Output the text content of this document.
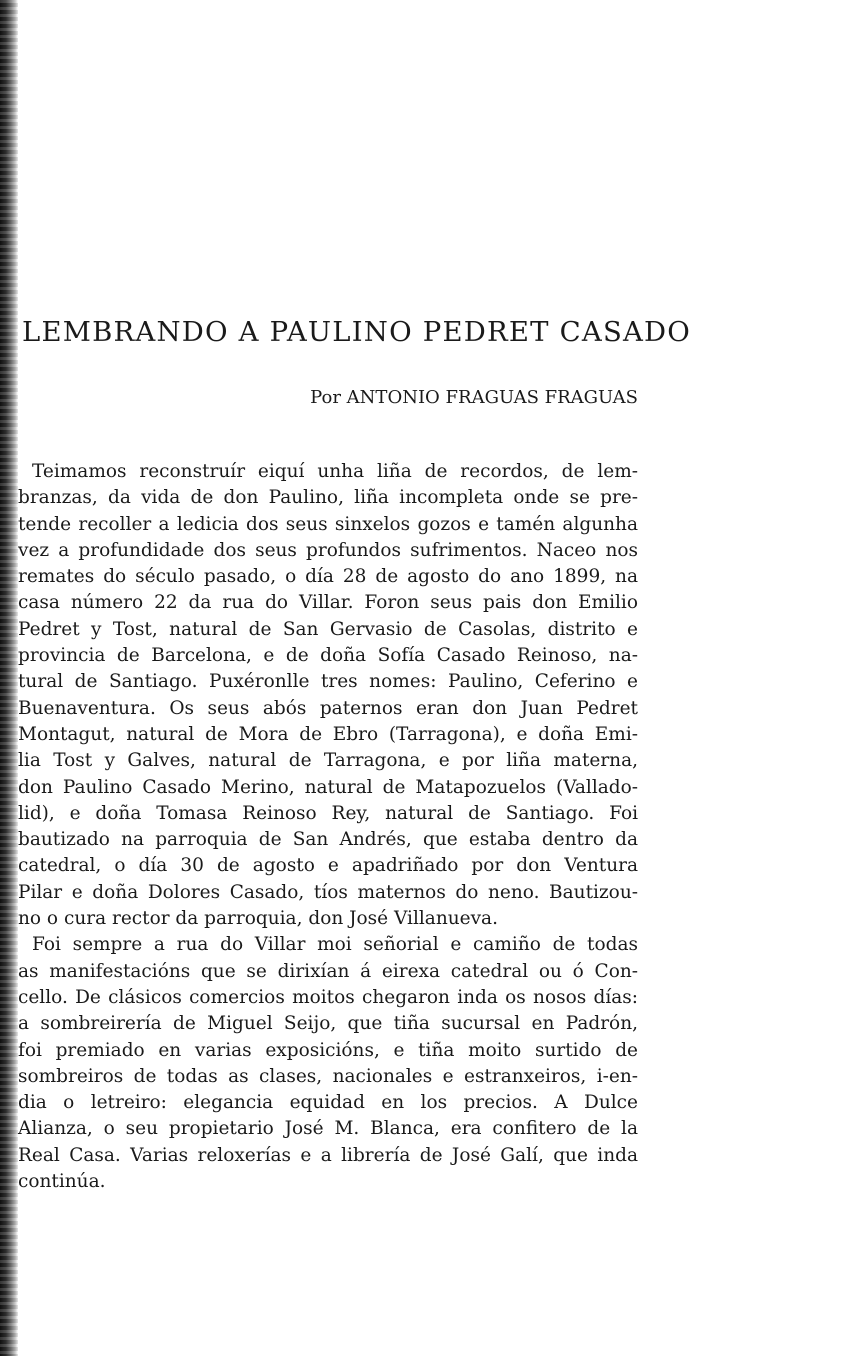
LEMBRANDO A PAULINO PEDRET CASADO

Por ANTONIO FRAGUAS FRAGUAS

Teimamos reconstruír eiquí unha liña de recordos, de lem-
branzas, da vida de don Paulino, liña incompleta onde se pre-
tende recoller a ledicia dos seus sinxelos gozos e tamén algunha
vez a profundidade dos seus profundos sufrimentos. Naceo nos
remates do século pasado, o día 28 de agosto do ano 1899, na
casa número 22 da rua do Villar. Foron seus pais don Emilio
Pedret y Tost, natural de San Gervasio de Casolas, distrito e
provincia de Barcelona, e de doña Sofía Casado Reinoso, na-
tural de Santiago. Puxéronlle tres nomes: Paulino, Ceferino e
Buenaventura. Os seus abós paternos eran don Juan Pedret
Montagut, natural de Mora de Ebro (Tarragona), e doña Emi-
lia Tost y Galves, natural de Tarragona, e por liña materna,
don Paulino Casado Merino, natural de Matapozuelos (Vallado-
lid), e doña Tomasa Reinoso Rey, natural de Santiago. Foi
bautizado na parroquia de San Andrés, que estaba dentro da
catedral, o día 30 de agosto e apadriñado por don Ventura
Pilar e doña Dolores Casado, tíos maternos do neno. Bautizou-
no o cura rector da parroquia, don José Villanueva.
Foi sempre a rua do Villar moi señorial e camiño de todas
as manifestacións que se dirixían á eirexa catedral ou ó Con-
cello. De clásicos comercios moitos chegaron inda os nosos días:
a sombreirería de Miguel Seijo, que tiña sucursal en Padrón,
foi premiado en varias exposicións, e tiña moito surtido de
sombreiros de todas as clases, nacionales e estranxeiros, i-en-
dia o letreiro: elegancia equidad en los precios. A Dulce
Alianza, o seu propietario José M. Blanca, era confitero de la
Real Casa. Varias reloxerías e a librería de José Galí, que inda
continúa.
